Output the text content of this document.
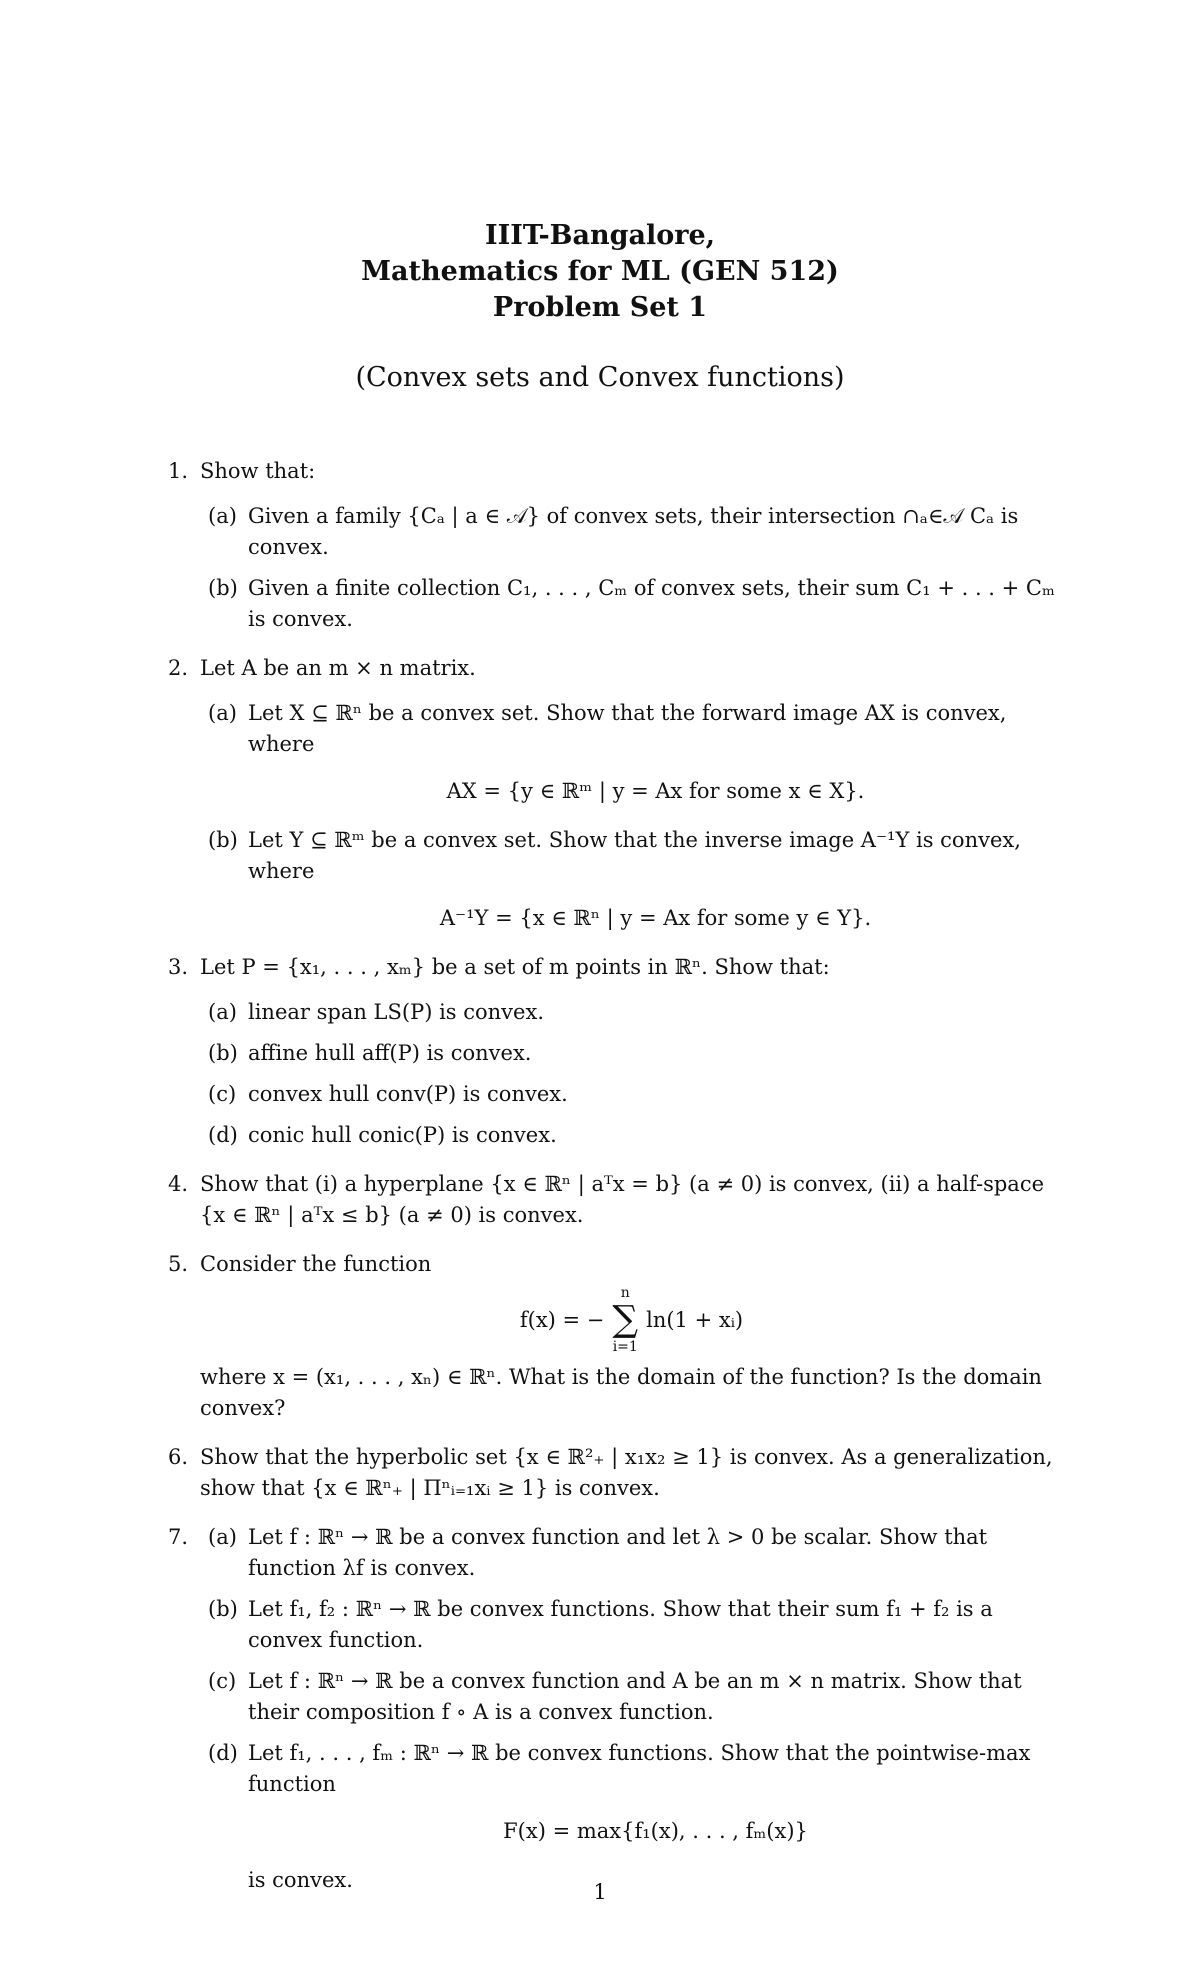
IIIT-Bangalore,
Mathematics for ML (GEN 512)
Problem Set 1
(Convex sets and Convex functions)
1. Show that:
(a) Given a family {Cₐ | a ∈ 𝒜} of convex sets, their intersection ∩ₐ∈𝒜 Cₐ is convex.
(b) Given a finite collection C₁, . . . , Cₘ of convex sets, their sum C₁ + . . . + Cₘ is convex.
2. Let A be an m × n matrix.
(a) Let X ⊆ ℝⁿ be a convex set. Show that the forward image AX is convex, where
AX = {y ∈ ℝᵐ | y = Ax for some x ∈ X}.
(b) Let Y ⊆ ℝᵐ be a convex set. Show that the inverse image A⁻¹Y is convex, where
A⁻¹Y = {x ∈ ℝⁿ | y = Ax for some y ∈ Y}.
3. Let P = {x₁, . . . , xₘ} be a set of m points in ℝⁿ. Show that:
(a) linear span LS(P) is convex.
(b) affine hull aff(P) is convex.
(c) convex hull conv(P) is convex.
(d) conic hull conic(P) is convex.
4. Show that (i) a hyperplane {x ∈ ℝⁿ | aᵀx = b} (a ≠ 0) is convex, (ii) a half-space {x ∈ ℝⁿ | aᵀx ≤ b} (a ≠ 0) is convex.
5. Consider the function
f(x) = −
n
∑
i=1
ln(1 + xᵢ)
where x = (x₁, . . . , xₙ) ∈ ℝⁿ. What is the domain of the function? Is the domain convex?
6. Show that the hyperbolic set {x ∈ ℝ²₊ | x₁x₂ ≥ 1} is convex. As a generalization, show that {x ∈ ℝⁿ₊ | Πⁿᵢ₌₁xᵢ ≥ 1} is convex.
7. (a) Let f : ℝⁿ → ℝ be a convex function and let λ > 0 be scalar. Show that function λf is convex.
(b) Let f₁, f₂ : ℝⁿ → ℝ be convex functions. Show that their sum f₁ + f₂ is a convex function.
(c) Let f : ℝⁿ → ℝ be a convex function and A be an m × n matrix. Show that their composition f ∘ A is a convex function.
(d) Let f₁, . . . , fₘ : ℝⁿ → ℝ be convex functions. Show that the pointwise-max function
F(x) = max{f₁(x), . . . , fₘ(x)}
is convex.	1
